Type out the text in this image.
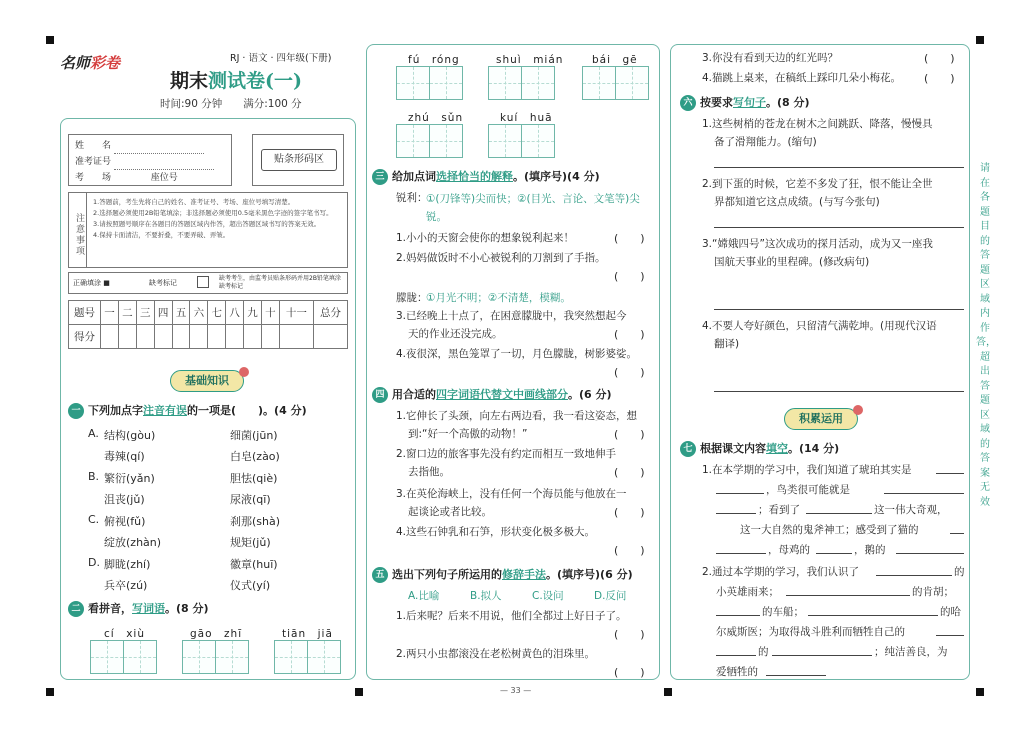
名师彩卷	RJ · 语文 · 四年级(下册)
期末测试卷(一)
时间:90 分钟　　 满分:100 分
姓　　名
准考证号
考　　场	座位号
贴条形码区
注意事项
1.答题前，考生先将自己的姓名、准考证号、考场、座位号填写清楚。
2.选择题必须使用2B铅笔填涂；非选择题必须使用0.5毫米黑色字迹的签字笔书写。
3.请按照题号顺序在各题目的答题区域内作答，超出答题区域书写的答案无效。
4.保持卡面清洁，不要折叠，不要弄破、弄皱。
正确填涂 ■	缺考标记
缺考考生，由监考员贴条形码并用2B铅笔填涂缺考标记
题号	一	二	三	四	五	六	七	八	九	十	十一	总分
得分												
基础知识
一 下列加点字注音有误的一项是(　　)。(4 分)
A. 结构(gòu)	细菌(jūn)
毒辣(qí)	白皂(zào)
B. 繁衍(yǎn)	胆怯(qiè)
沮丧(jǔ)	尿液(qī)
C. 俯视(fǔ)	刹那(shà)
绽放(zhàn)	规矩(jǔ)
D. 脚眬(zhí)	徽章(huī)
兵卒(zú)	仪式(yí)
二 看拼音，写词语。(8 分)
cí　xiù	gāo　zhī	tiān　jiā
fú　róng	shuì　mián	bái　gē
zhú　sǔn	kuí　huā
三 给加点词选择恰当的解释。(填序号)(4 分)
锐利：
①(刀锋等)尖而快；②(目光、言论、文笔等)尖锐。
1.小小的天窗会使你的想象锐利起来！	(　　)
2.妈妈做饭时不小心被锐利的刀割到了手指。
(　　)
朦胧：
①月光不明；②不清楚，模糊。
3.已经晚上十点了，在困意朦胧中，我突然想起今
天的作业还没完成。	(　　)
4.夜很深，黑色笼罩了一切，月色朦胧，树影婆娑。
(　　)
四 用合适的四字词语代替文中画线部分。(6 分)
1.它伸长了头颈，向左右两边看，我一看这姿态，想
到:“好一个高傲的动物！”	(　　)
2.窗口边的旅客事先没有约定而相互一致地伸手
去指他。	(　　)
3.在英伦海峡上，没有任何一个海员能与他放在一
起谈论或者比较。	(　　)
4.这些石钟乳和石笋，形状变化极多极大。
(　　)
五 选出下列句子所运用的修辞手法。(填序号)(6 分)
A.比喻	B.拟人	C.设问	D.反问
1.后来呢？后来不用说，他们全都过上好日子了。
(　　)
2.两只小虫都滚没在老松树黄色的泪珠里。
(　　)
3.你没有看到天边的红光吗？	(　　)
4.猫跳上桌来，在稿纸上踩印几朵小梅花。 (　　)
六 按要求写句子。(8 分)
1.这些树梢的苍龙在树木之间跳跃、降落，慢慢具
备了滑翔能力。(缩句)
2.到下蛋的时候，它差不多发了狂，恨不能让全世
界都知道它这点成绩。(与写今张句)
3.“嫦娥四号”这次成功的探月活动，成为又一座我
国航天事业的里程碑。(修改病句)
4.不要人夸好颜色，只留清气满乾坤。(用现代汉语
翻译)
积累运用
七 根据课文内容填空。(14 分)
1.在本学期的学习中，我们知道了琥珀其实是
，鸟类很可能就是
；看到了	这一伟大奇观，
这一大自然的鬼斧神工；感受到了猫的
，母鸡的	，鹅的
2.通过本学期的学习，我们认识了	的
小英雄雨来；	的肯胡；
的车船；	的哈
尔威斯医；为取得战斗胜利而牺牲自己的
的	；纯洁善良，为
爱牺牲的
请在各题目的答题区域内作答，超出答题区域的答案无效
— 33 —
